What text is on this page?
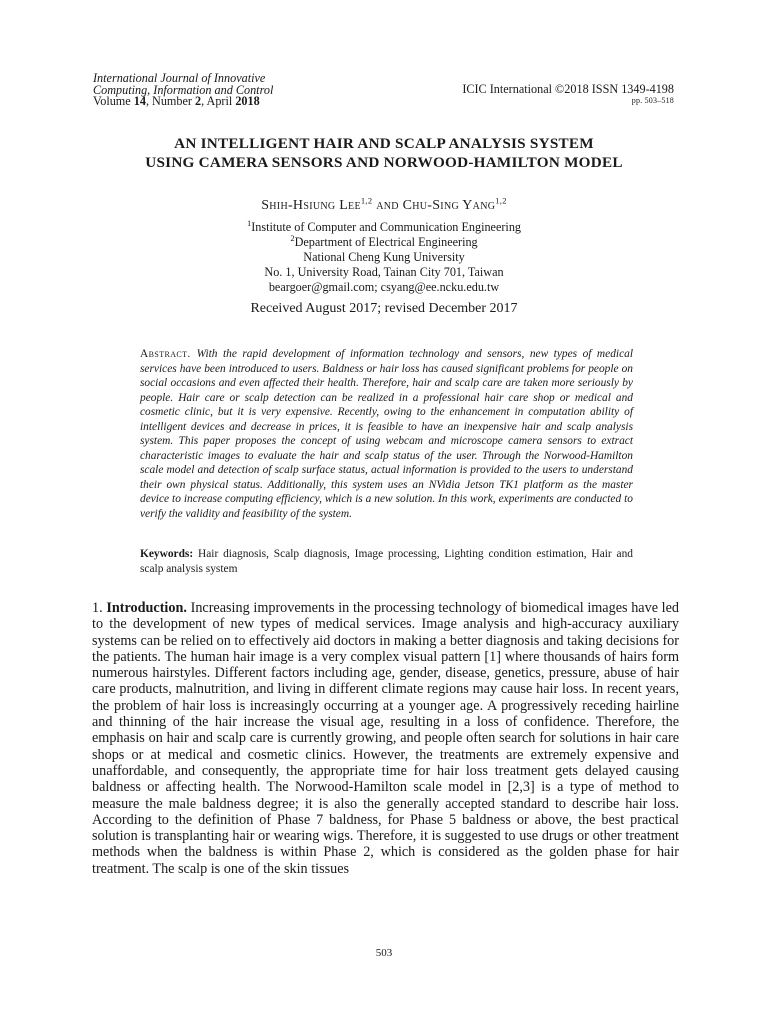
International Journal of Innovative
Computing, Information and Control
Volume 14, Number 2, April 2018
ICIC International ©2018 ISSN 1349-4198
pp. 503–518
AN INTELLIGENT HAIR AND SCALP ANALYSIS SYSTEM
USING CAMERA SENSORS AND NORWOOD-HAMILTON MODEL
Shih-Hsiung Lee$^{1,2}$ and Chu-Sing Yang$^{1,2}$
$^1$Institute of Computer and Communication Engineering
$^2$Department of Electrical Engineering
National Cheng Kung University
No. 1, University Road, Tainan City 701, Taiwan
beargoer@gmail.com; csyang@ee.ncku.edu.tw
Received August 2017; revised December 2017
Abstract. With the rapid development of information technology and sensors, new types of medical services have been introduced to users. Baldness or hair loss has caused significant problems for people on social occasions and even affected their health. Therefore, hair and scalp care are taken more seriously by people. Hair care or scalp detection can be realized in a professional hair care shop or medical and cosmetic clinic, but it is very expensive. Recently, owing to the enhancement in computation ability of intelligent devices and decrease in prices, it is feasible to have an inexpensive hair and scalp analysis system. This paper proposes the concept of using webcam and microscope camera sensors to extract characteristic images to evaluate the hair and scalp status of the user. Through the Norwood-Hamilton scale model and detection of scalp surface status, actual information is provided to the users to understand their own physical status. Additionally, this system uses an NVidia Jetson TK1 platform as the master device to increase computing efficiency, which is a new solution. In this work, experiments are conducted to verify the validity and feasibility of the system.
Keywords: Hair diagnosis, Scalp diagnosis, Image processing, Lighting condition estimation, Hair and scalp analysis system
1. Introduction. Increasing improvements in the processing technology of biomedical images have led to the development of new types of medical services. Image analysis and high-accuracy auxiliary systems can be relied on to effectively aid doctors in making a better diagnosis and taking decisions for the patients. The human hair image is a very complex visual pattern [1] where thousands of hairs form numerous hairstyles. Different factors including age, gender, disease, genetics, pressure, abuse of hair care products, malnutrition, and living in different climate regions may cause hair loss. In recent years, the problem of hair loss is increasingly occurring at a younger age. A progressively receding hairline and thinning of the hair increase the visual age, resulting in a loss of confidence. Therefore, the emphasis on hair and scalp care is currently growing, and people often search for solutions in hair care shops or at medical and cosmetic clinics. However, the treatments are extremely expensive and unaffordable, and consequently, the appropriate time for hair loss treatment gets delayed causing baldness or affecting health. The Norwood-Hamilton scale model in [2,3] is a type of method to measure the male baldness degree; it is also the generally accepted standard to describe hair loss. According to the definition of Phase 7 baldness, for Phase 5 baldness or above, the best practical solution is transplanting hair or wearing wigs. Therefore, it is suggested to use drugs or other treatment methods when the baldness is within Phase 2, which is considered as the golden phase for hair treatment. The scalp is one of the skin tissues
503
